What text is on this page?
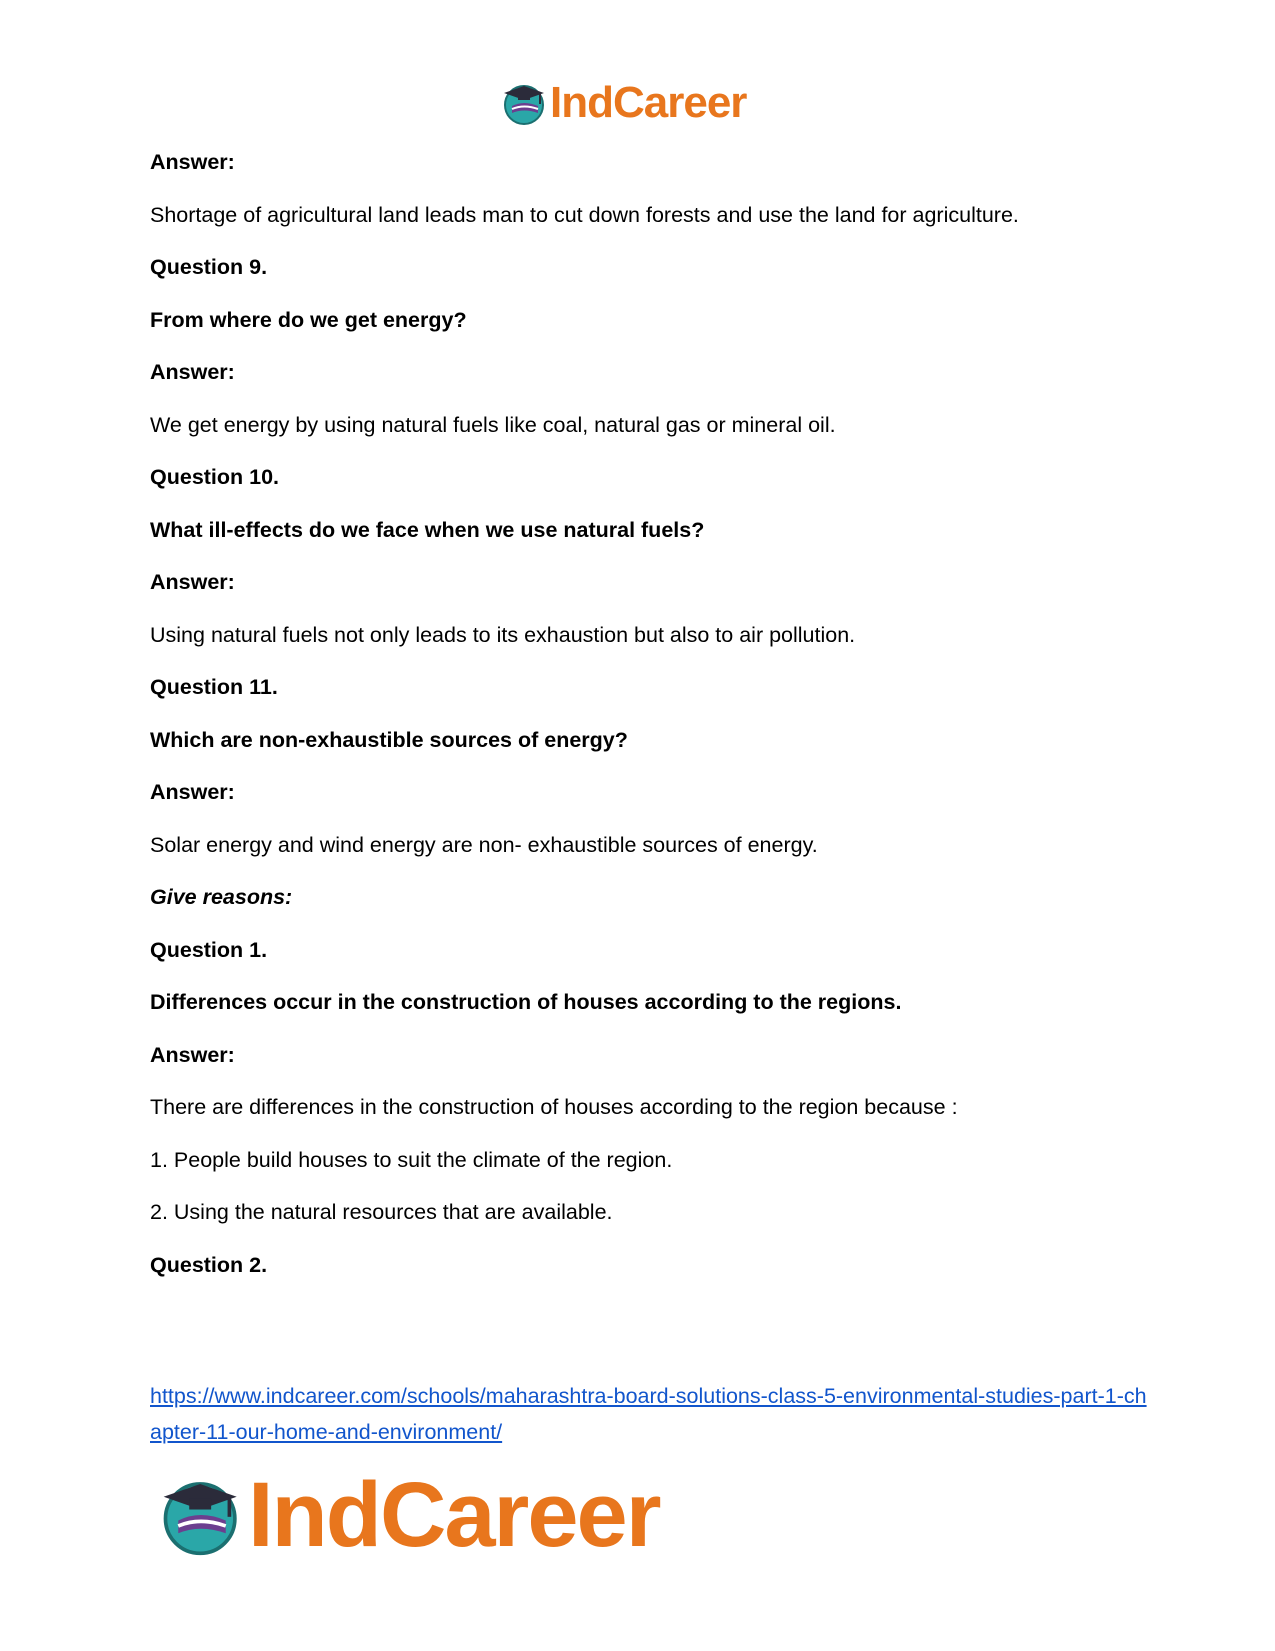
IndCareer
Answer:
Shortage of agricultural land leads man to cut down forests and use the land for agriculture.
Question 9.
From where do we get energy?
Answer:
We get energy by using natural fuels like coal, natural gas or mineral oil.
Question 10.
What ill-effects do we face when we use natural fuels?
Answer:
Using natural fuels not only leads to its exhaustion but also to air pollution.
Question 11.
Which are non-exhaustible sources of energy?
Answer:
Solar energy and wind energy are non- exhaustible sources of energy.
Give reasons:
Question 1.
Differences occur in the construction of houses according to the regions.
Answer:
There are differences in the construction of houses according to the region because :
1. People build houses to suit the climate of the region.
2. Using the natural resources that are available.
Question 2.
https://www.indcareer.com/schools/maharashtra-board-solutions-class-5-environmental-studies-part-1-chapter-11-our-home-and-environment/
IndCareer
